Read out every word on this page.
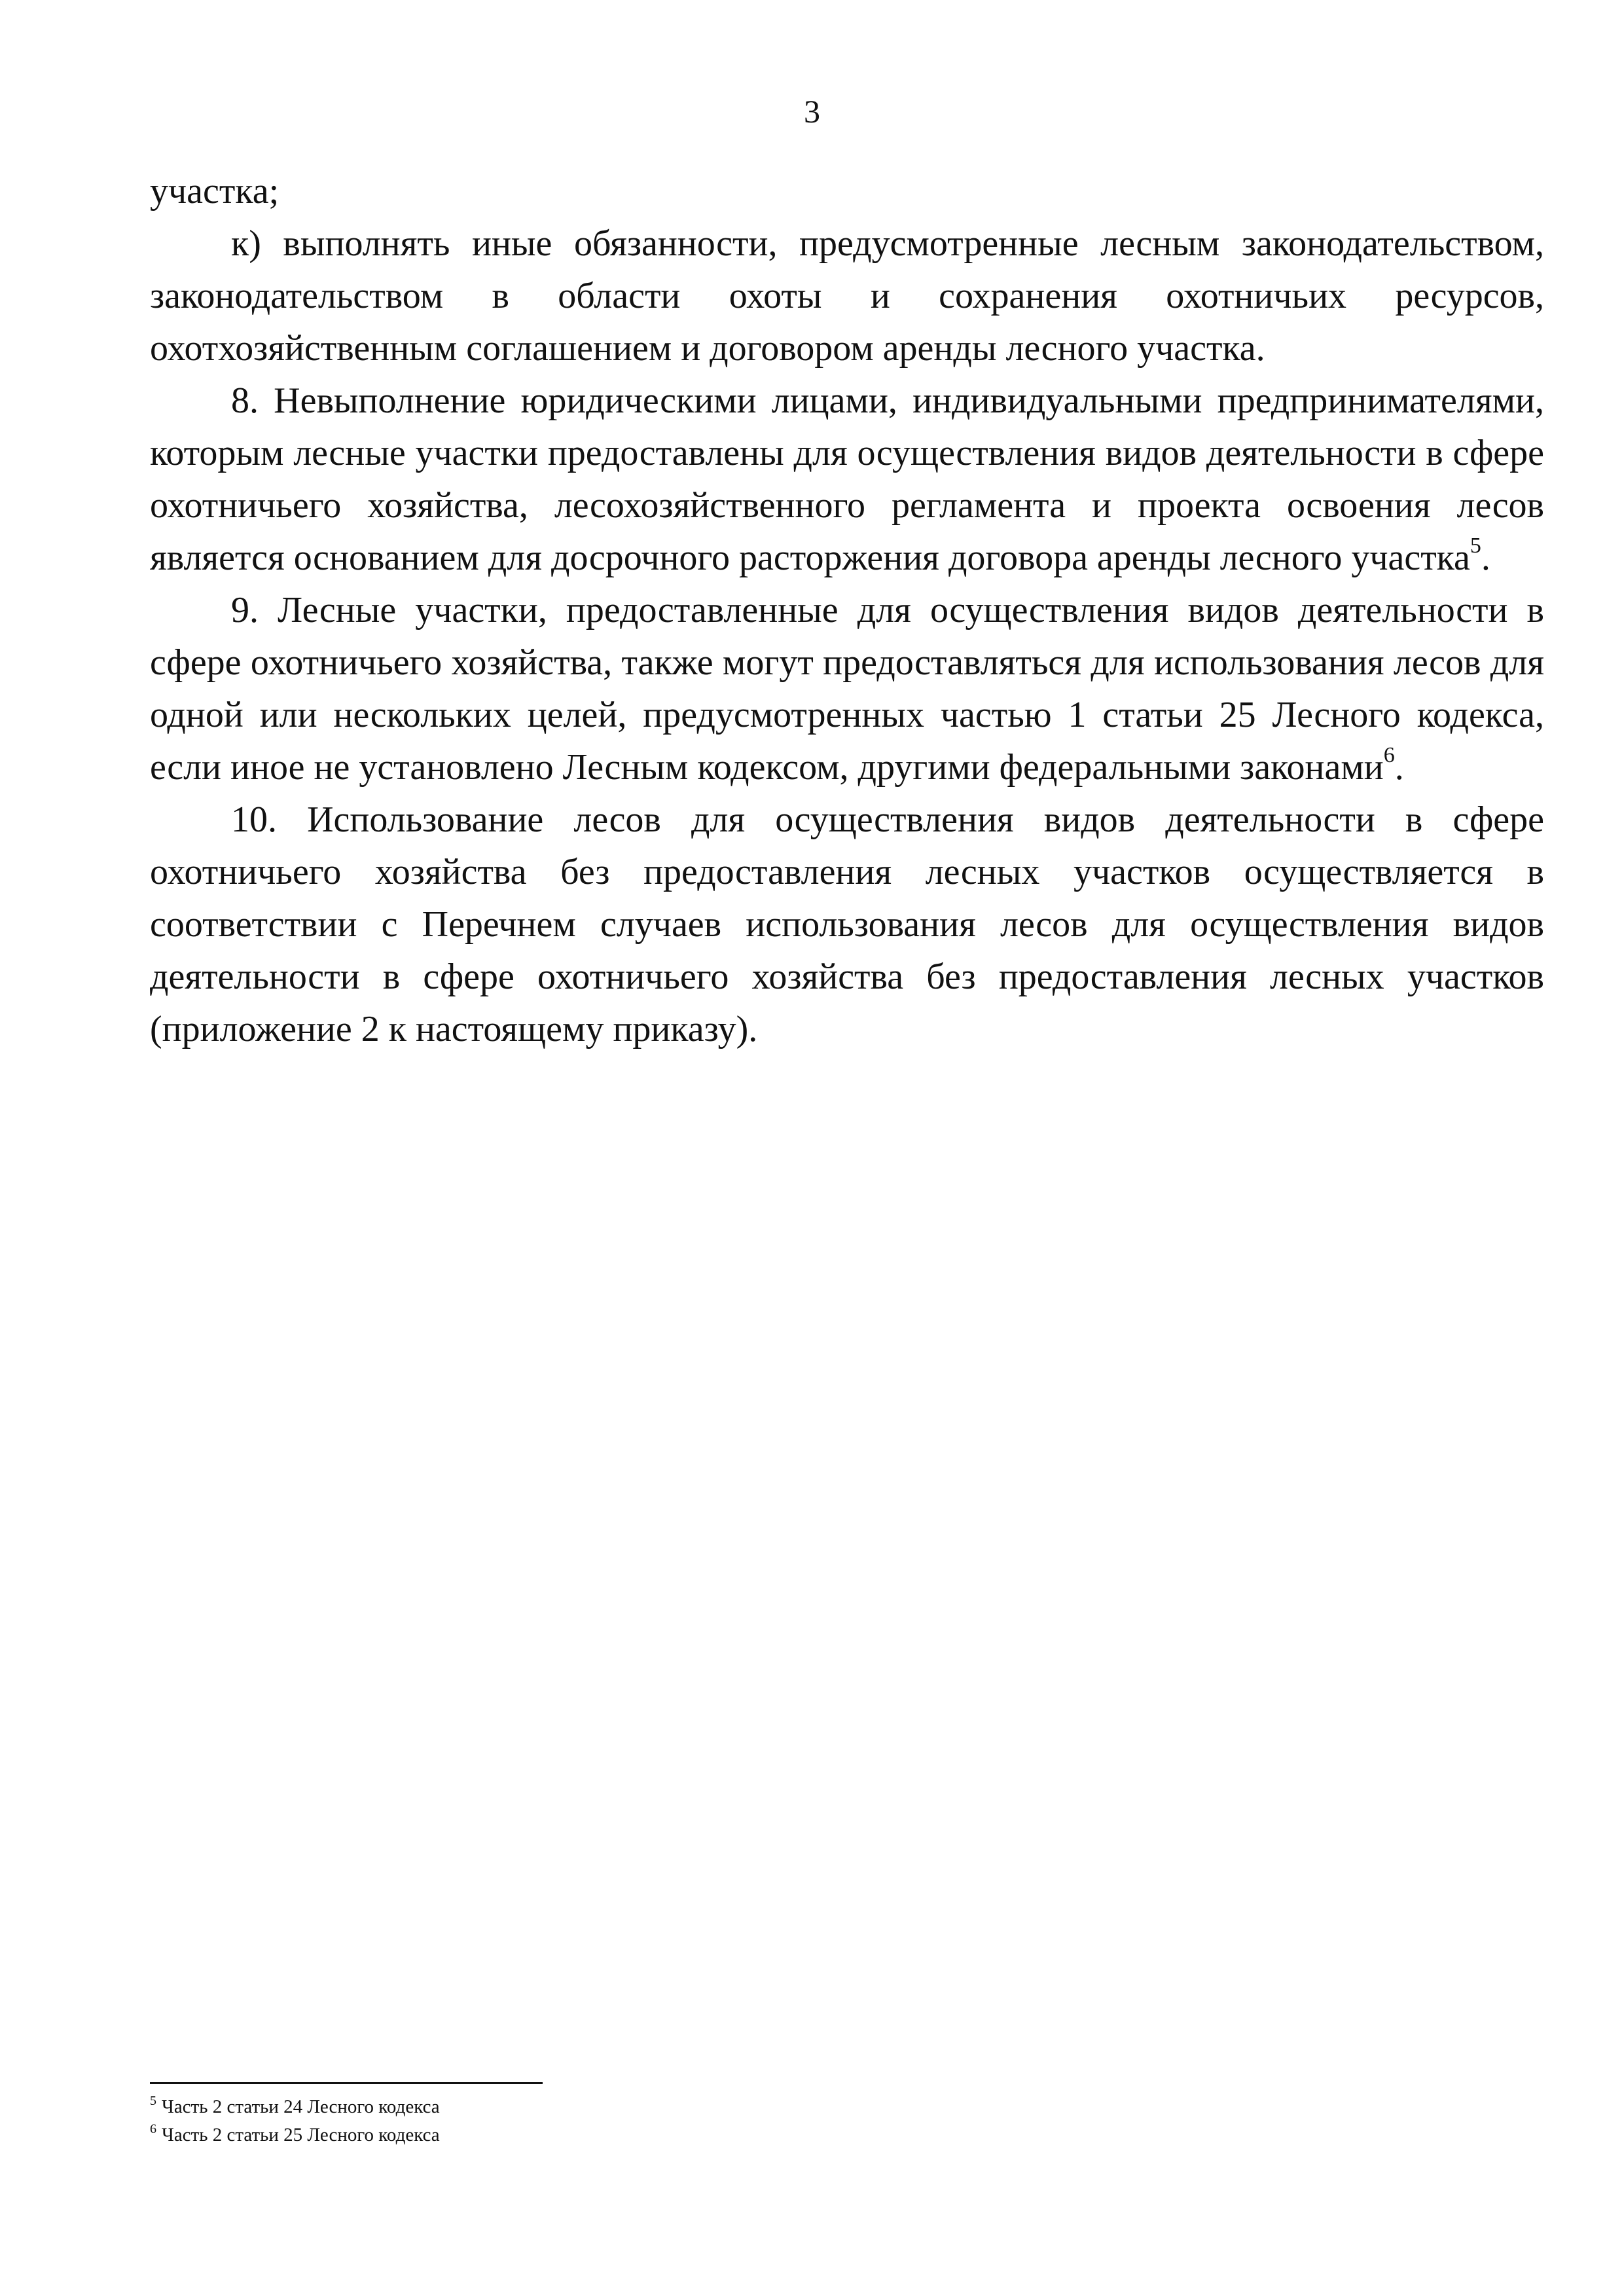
3

участка;

к) выполнять иные обязанности, предусмотренные лесным законодательством, законодательством в области охоты и сохранения охотничьих ресурсов, охотхозяйственным соглашением и договором аренды лесного участка.

8. Невыполнение юридическими лицами, индивидуальными предпринимателями, которым лесные участки предоставлены для осуществления видов деятельности в сфере охотничьего хозяйства, лесохозяйственного регламента и проекта освоения лесов является основанием для досрочного расторжения договора аренды лесного участка$^5$.

9. Лесные участки, предоставленные для осуществления видов деятельности в сфере охотничьего хозяйства, также могут предоставляться для использования лесов для одной или нескольких целей, предусмотренных частью 1 статьи 25 Лесного кодекса, если иное не установлено Лесным кодексом, другими федеральными законами$^6$.

10. Использование лесов для осуществления видов деятельности в сфере охотничьего хозяйства без предоставления лесных участков осуществляется в соответствии с Перечнем случаев использования лесов для осуществления видов деятельности в сфере охотничьего хозяйства без предоставления лесных участков (приложение 2 к настоящему приказу).

$^5$ Часть 2 статьи 24 Лесного кодекса

$^6$ Часть 2 статьи 25 Лесного кодекса
